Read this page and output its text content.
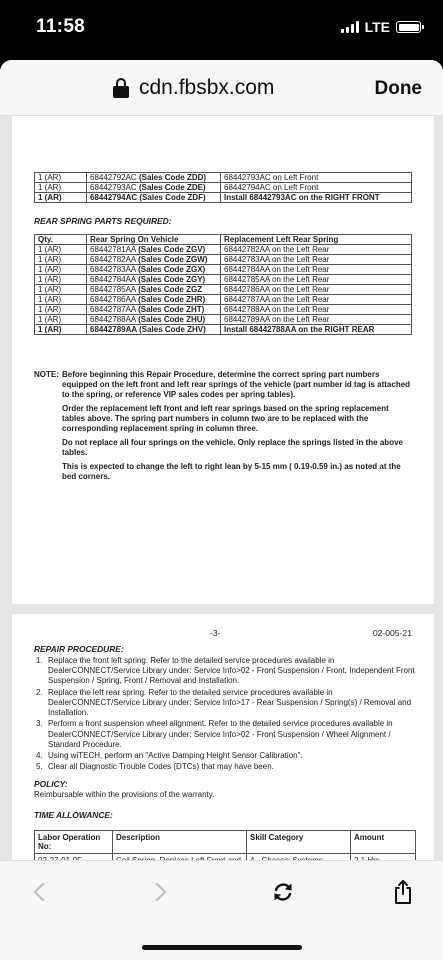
11:58	LTE
cdn.fbsbx.com	Done
1 (AR)	68442792AC (Sales Code ZDD)	68442793AC on Left Front
1 (AR)	68442793AC (Sales Code ZDE)	68442794AC on Left Front
1 (AR)	68442794AC (Sales Code ZDF)	Install 68442793AC on the RIGHT FRONT
REAR SPRING PARTS REQUIRED:
Qty.	Rear Spring On Vehicle	Replacement Left Rear Spring
1 (AR)	68442781AA (Sales Code ZGV)	68442782AA on the Left Rear
1 (AR)	68442782AA (Sales Code ZGW)	68442783AA on the Left Rear
1 (AR)	68442783AA (Sales Code ZGX)	68442784AA on the Left Rear
1 (AR)	68442784AA (Sales Code ZGY)	68442785AA on the Left Rear
1 (AR)	68442785AA (Sales Code ZGZ	68442786AA on the Left Rear
1 (AR)	68442786AA (Sales Code ZHR)	68442787AA on the Left Rear
1 (AR)	68442787AA (Sales Code ZHT)	68442788AA on the Left Rear
1 (AR)	68442788AA (Sales Code ZHU)	68442789AA on the Left Rear
1 (AR)	68442789AA (Sales Code ZHV)	Install 68442788AA on the RIGHT REAR
NOTE: Before beginning this Repair Procedure, determine the correct spring part numbers equipped on the left front and left rear springs of the vehicle (part number id tag is attached to the spring, or reference VIP sales codes per spring tables).

Order the replacement left front and left rear springs based on the spring replacement tables above. The spring part numbers in column two are to be replaced with the corresponding replacement spring in column three.

Do not replace all four springs on the vehicle. Only replace the springs listed in the above tables.

This is expected to change the left to right lean by 5-15 mm ( 0.19-0.59 in.) as noted at the bed corners.

-3-	02-005-21
REPAIR PROCEDURE:
1. Replace the front left spring. Refer to the detailed service procedures available in DealerCONNECT/Service Library under: Service Info>02 - Front Suspension / Front, Independent Front Suspension / Spring, Front / Removal and Installation.
2. Replace the left rear spring. Refer to the detailed service procedures available in DealerCONNECT/Service Library under: Service Info>17 - Rear Suspension / Spring(s) / Removal and Installation.
3. Perform a front suspension wheel alignment. Refer to the detailed service procedures available in DealerCONNECT/Service Library under: Service Info>02 - Front Suspension / Wheel Alignment / Standard Procedure.
4. Using wiTECH, perform an "Active Damping Height Sensor Calibration".
5. Clear all Diagnostic Trouble Codes (DTCs) that may have been.
POLICY:
Reimbursable within the provisions of the warranty.
TIME ALLOWANCE:
Labor Operation No:	Description	Skill Category	Amount
